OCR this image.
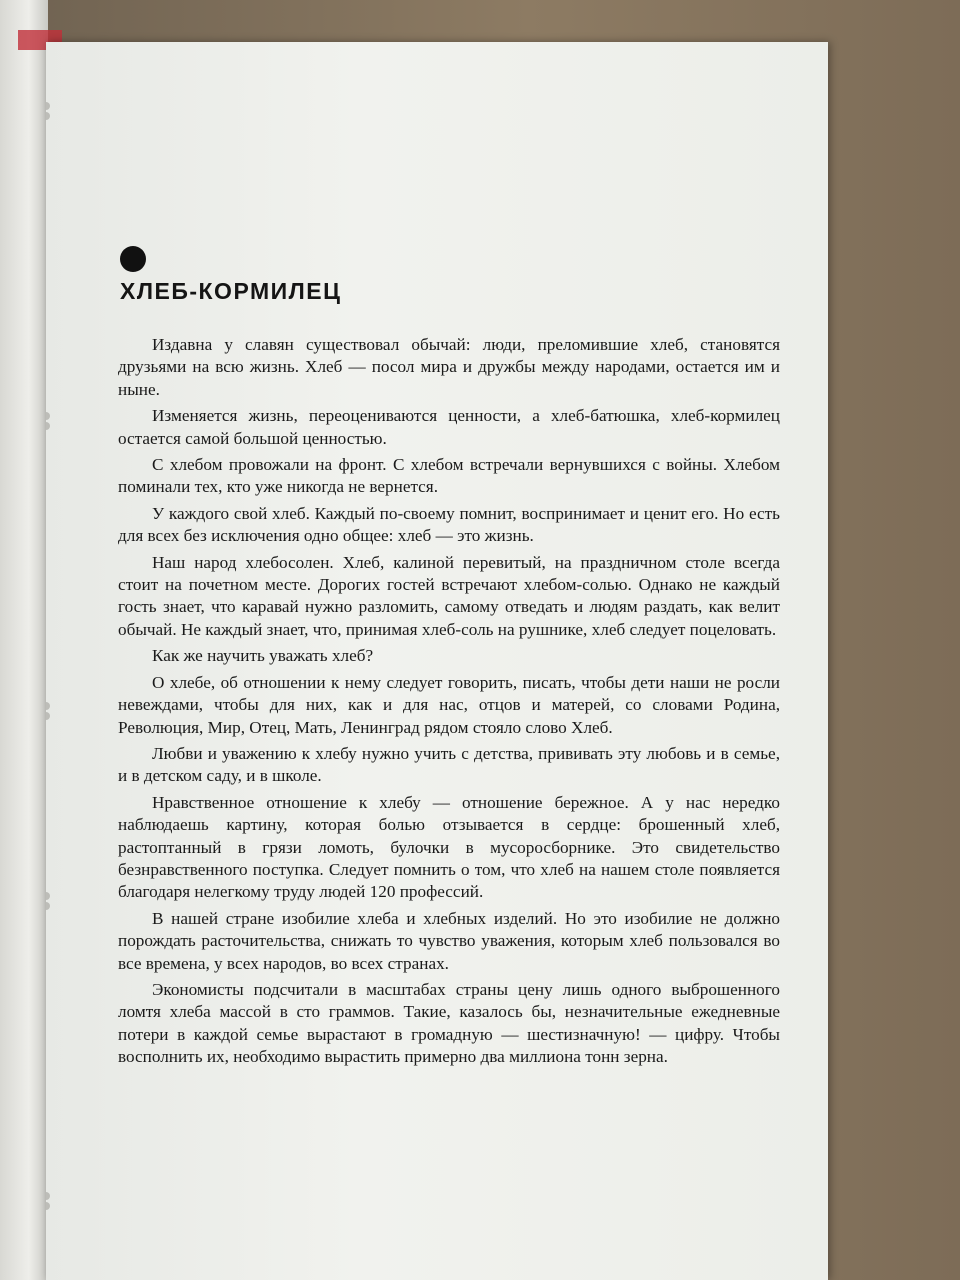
ХЛЕБ-КОРМИЛЕЦ

Издавна у славян существовал обычай: люди, преломившие хлеб, становятся друзьями на всю жизнь. Хлеб — посол мира и дружбы между народами, остается им и ныне.

Изменяется жизнь, переоцениваются ценности, а хлеб-батюшка, хлеб-кормилец остается самой большой ценностью.

С хлебом провожали на фронт. С хлебом встречали вернувшихся с войны. Хлебом поминали тех, кто уже никогда не вернется.

У каждого свой хлеб. Каждый по-своему помнит, воспринимает и ценит его. Но есть для всех без исключения одно общее: хлеб — это жизнь.

Наш народ хлебосолен. Хлеб, калиной перевитый, на праздничном столе всегда стоит на почетном месте. Дорогих гостей встречают хлебом-солью. Однако не каждый гость знает, что каравай нужно разломить, самому отведать и людям раздать, как велит обычай. Не каждый знает, что, принимая хлеб-соль на рушнике, хлеб следует поцеловать.

Как же научить уважать хлеб?

О хлебе, об отношении к нему следует говорить, писать, чтобы дети наши не росли невеждами, чтобы для них, как и для нас, отцов и матерей, со словами Родина, Революция, Мир, Отец, Мать, Ленинград рядом стояло слово Хлеб.

Любви и уважению к хлебу нужно учить с детства, прививать эту любовь и в семье, и в детском саду, и в школе.

Нравственное отношение к хлебу — отношение бережное. А у нас нередко наблюдаешь картину, которая болью отзывается в сердце: брошенный хлеб, растоптанный в грязи ломоть, булочки в мусоросборнике. Это свидетельство безнравственного поступка. Следует помнить о том, что хлеб на нашем столе появляется благодаря нелегкому труду людей 120 профессий.

В нашей стране изобилие хлеба и хлебных изделий. Но это изобилие не должно порождать расточительства, снижать то чувство уважения, которым хлеб пользовался во все времена, у всех народов, во всех странах.

Экономисты подсчитали в масштабах страны цену лишь одного выброшенного ломтя хлеба массой в сто граммов. Такие, казалось бы, незначительные ежедневные потери в каждой семье вырастают в громадную — шестизначную! — цифру. Чтобы восполнить их, необходимо вырастить примерно два миллиона тонн зерна.
